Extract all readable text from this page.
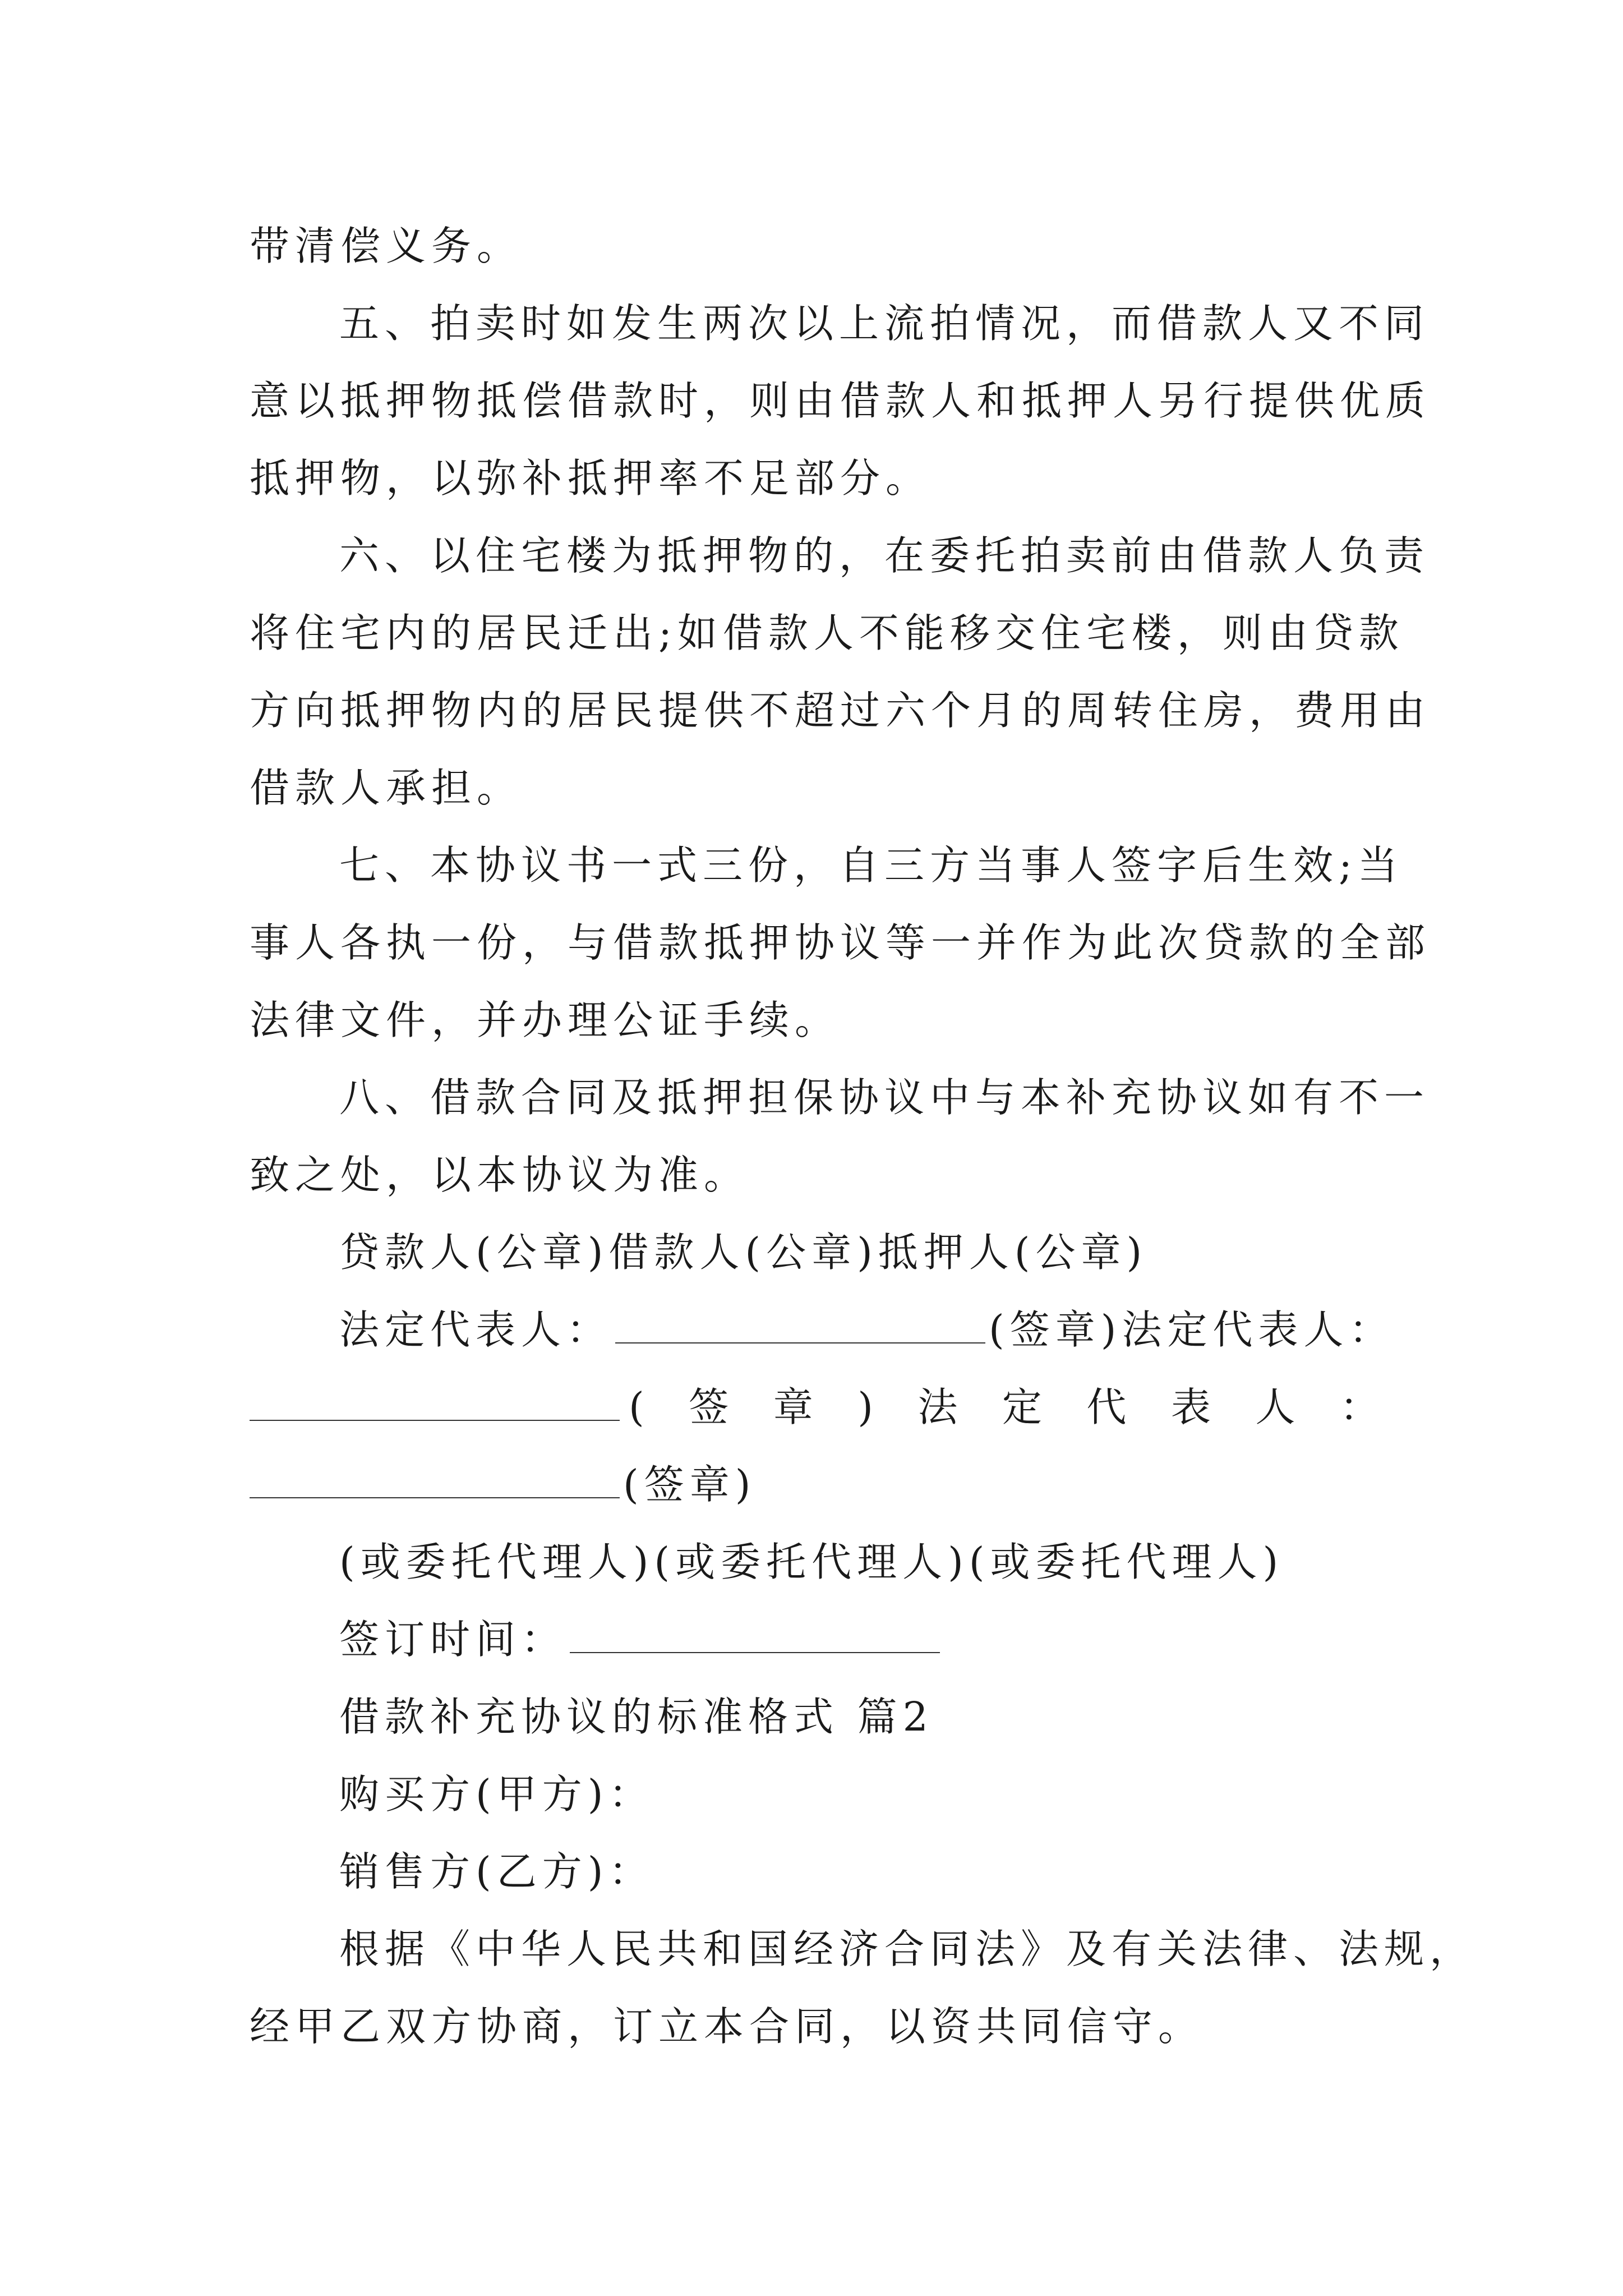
带清偿义务。
五、拍卖时如发生两次以上流拍情况，而借款人又不同
意以抵押物抵偿借款时，则由借款人和抵押人另行提供优质
抵押物，以弥补抵押率不足部分。
六、以住宅楼为抵押物的，在委托拍卖前由借款人负责
将住宅内的居民迁出;如借款人不能移交住宅楼，则由贷款
方向抵押物内的居民提供不超过六个月的周转住房，费用由
借款人承担。
七、本协议书一式三份，自三方当事人签字后生效;当
事人各执一份，与借款抵押协议等一并作为此次贷款的全部
法律文件，并办理公证手续。
八、借款合同及抵押担保协议中与本补充协议如有不一
致之处，以本协议为准。
贷款人(公章)借款人(公章)抵押人(公章)
法定代表人：	(签章)法定代表人：
( 签 章 ) 法 定 代 表 人 ：
(签章)
(或委托代理人)(或委托代理人)(或委托代理人)
签订时间：
借款补充协议的标准格式 篇2
购买方(甲方)：
销售方(乙方)：
根据《中华人民共和国经济合同法》及有关法律、法规，
经甲乙双方协商，订立本合同，以资共同信守。
